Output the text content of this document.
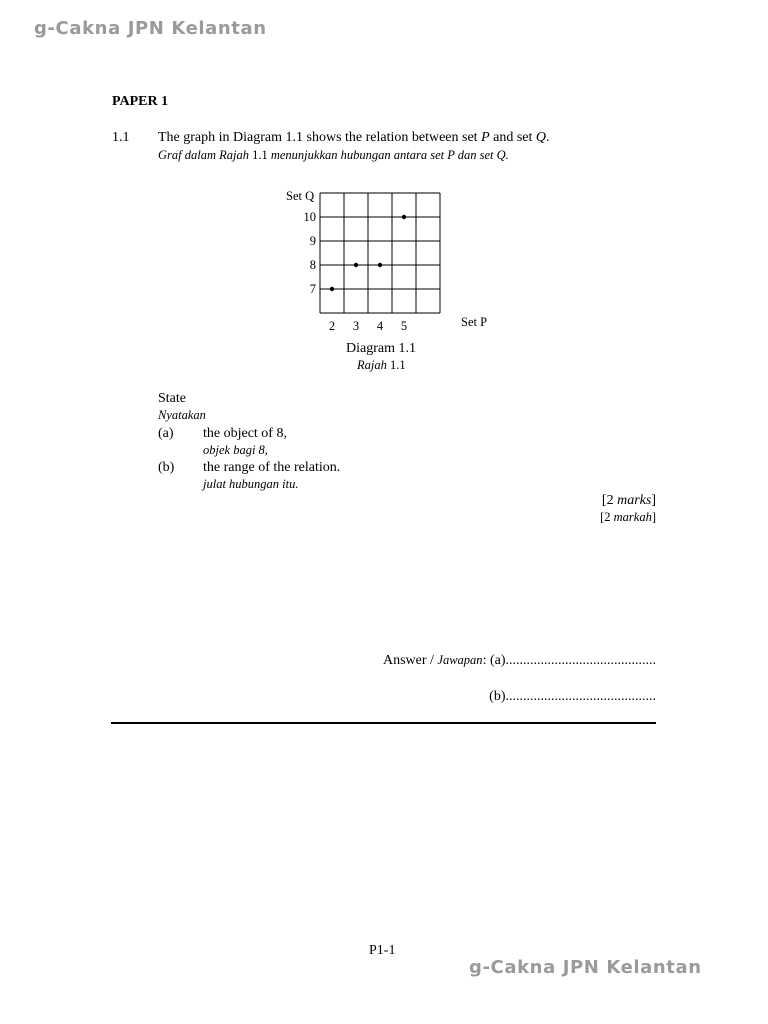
g-Cakna JPN Kelantan
g-Cakna JPN Kelantan
PAPER 1
1.1 The graph in Diagram 1.1 shows the relation between set P and set Q.
Graf dalam Rajah 1.1 menunjukkan hubungan antara set P dan set Q.
2 3 4 5
7
8
9
10
Set Q
Set P
Diagram 1.1
Rajah 1.1
State
Nyatakan
(a) the object of 8,
objek bagi 8,
(b) the range of the relation.
julat hubungan itu.
[2 marks]
[2 markah]
Answer / Jawapan: (a)...........................................
(b)...........................................
P1-1
